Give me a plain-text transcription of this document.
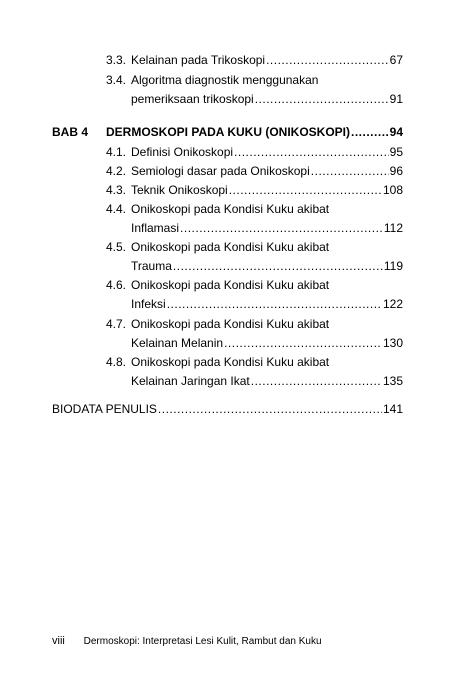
3.3. Kelainan pada Trikoskopi .....	67
3.4. Algoritma diagnostik menggunakan
pemeriksaan trikoskopi .....	91
BAB 4 DERMOSKOPI PADA KUKU (ONIKOSKOPI) .....	94
4.1. Definisi Onikoskopi .....	95
4.2. Semiologi dasar pada Onikoskopi .....	96
4.3. Teknik Onikoskopi .....	108
4.4. Onikoskopi pada Kondisi Kuku akibat
Inflamasi .....	112
4.5. Onikoskopi pada Kondisi Kuku akibat
Trauma .....	119
4.6. Onikoskopi pada Kondisi Kuku akibat
Infeksi .....	122
4.7. Onikoskopi pada Kondisi Kuku akibat
Kelainan Melanin .....	130
4.8. Onikoskopi pada Kondisi Kuku akibat
Kelainan Jaringan Ikat .....	135
BIODATA PENULIS .....	141
viii Dermoskopi: Interpretasi Lesi Kulit, Rambut dan Kuku
